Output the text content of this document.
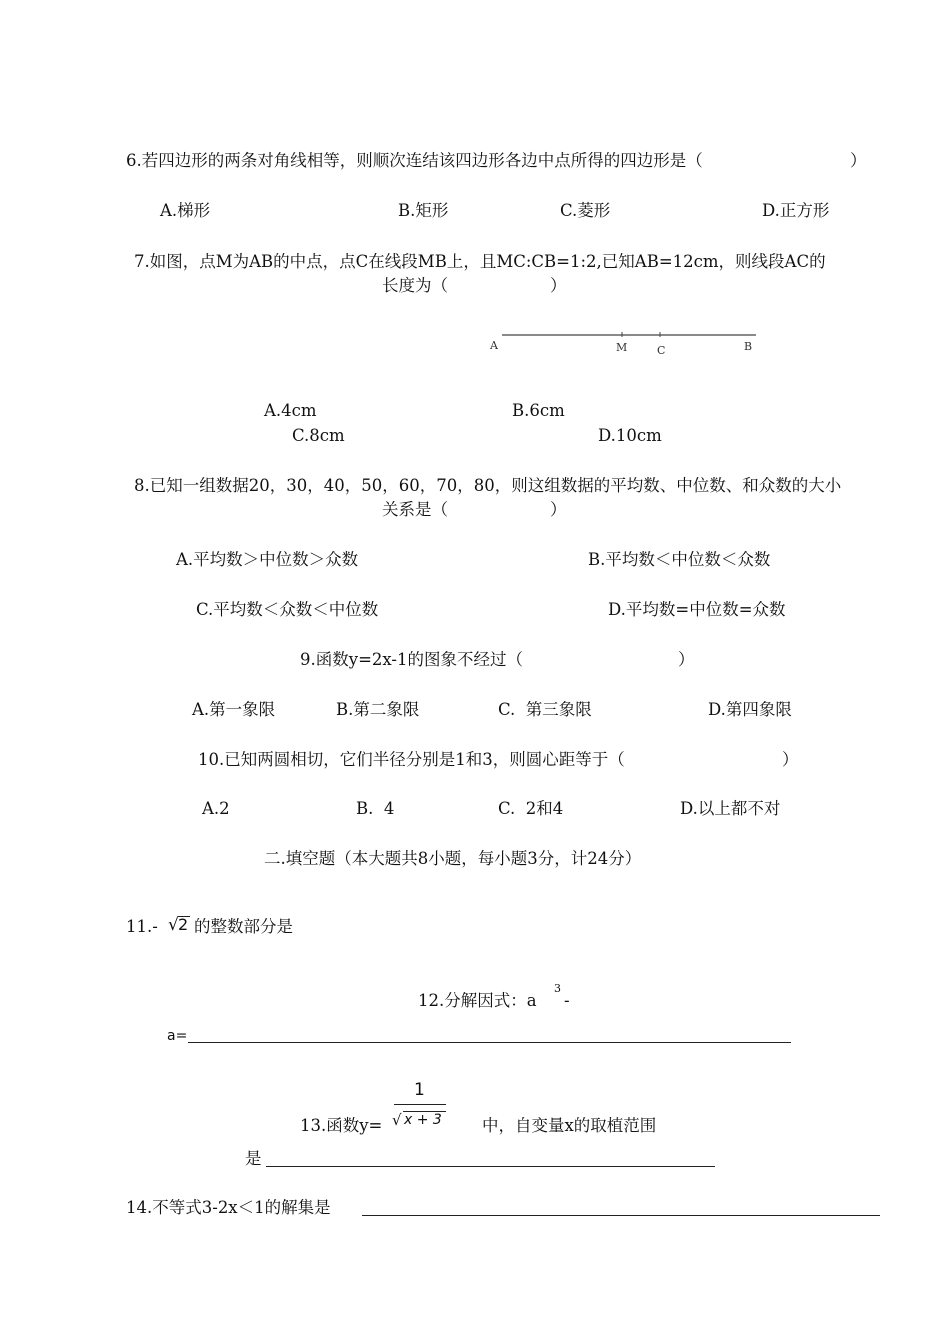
6.若四边形的两条对角线相等，则顺次连结该四边形各边中点所得的四边形是（	）
A.梯形	B.矩形	C.菱形	D.正方形
7.如图，点M为AB的中点，点C在线段MB上，且MC:CB=1:2,已知AB=12cm，则线段AC的
长度为（	）
A	M	C	B
A.4cm	B.6cm
C.8cm	D.10cm
8.已知一组数据20，30，40，50，60，70，80，则这组数据的平均数、中位数、和众数的大小
关系是（	）
A.平均数＞中位数＞众数	B.平均数＜中位数＜众数
C.平均数＜众数＜中位数	D.平均数=中位数=众数
9.函数y=2x-1的图象不经过（	）
A.第一象限	B.第二象限	C.  第三象限	D.第四象限
10.已知两圆相切，它们半径分别是1和3，则圆心距等于（	）
A.2	B.  4	C.  2和4	D.以上都不对
二.填空题（本大题共8小题，每小题3分，计24分）
11.- √ 2 的整数部分是
12.分解因式：a
3
-
a=
1
√ x + 3
13.函数y=	中，自变量x的取植范围
是
14.不等式3-2x＜1的解集是
